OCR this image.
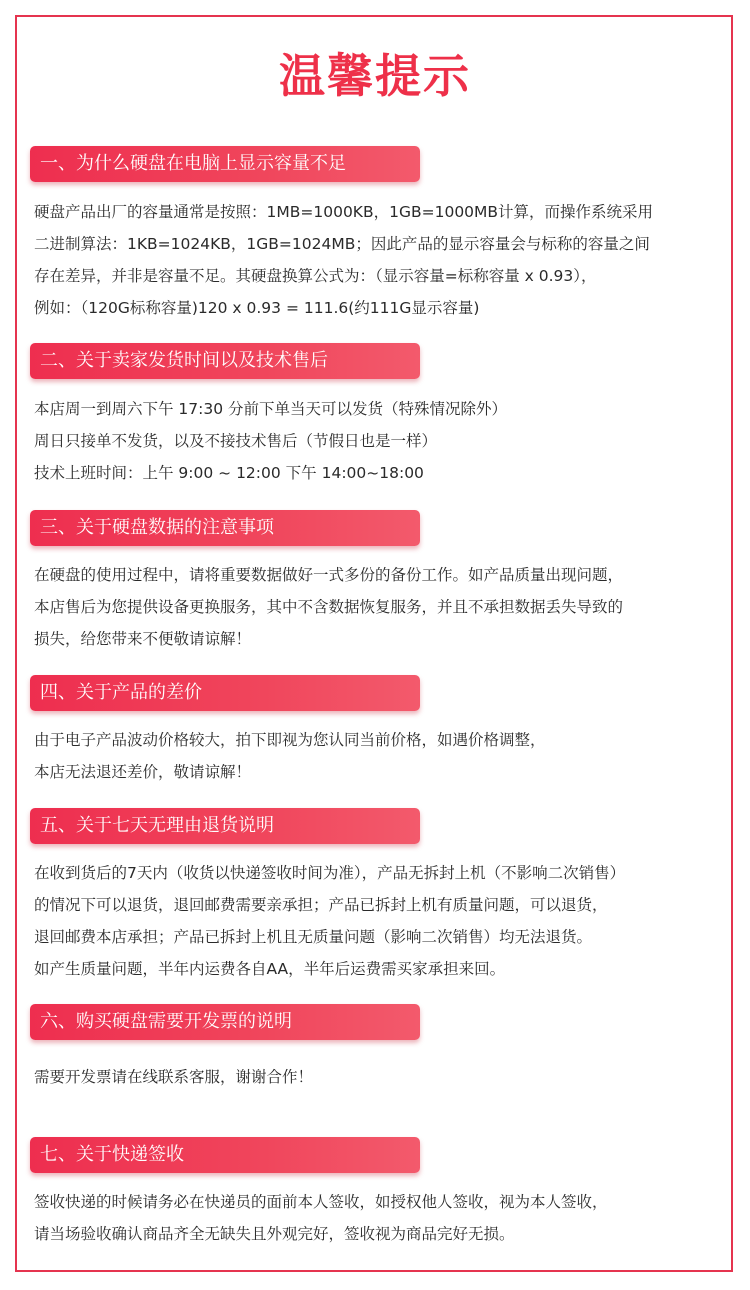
温馨提示
一、为什么硬盘在电脑上显示容量不足
硬盘产品出厂的容量通常是按照：1MB=1000KB，1GB=1000MB计算，而操作系统采用
二进制算法：1KB=1024KB，1GB=1024MB；因此产品的显示容量会与标称的容量之间
存在差异，并非是容量不足。其硬盘换算公式为：（显示容量=标称容量 x 0.93），
例如：（120G标称容量)120 x 0.93 = 111.6(约111G显示容量)
二、关于卖家发货时间以及技术售后
本店周一到周六下午 17:30 分前下单当天可以发货（特殊情况除外）
周日只接单不发货，以及不接技术售后（节假日也是一样）
技术上班时间：上午 9:00 ~ 12:00 下午 14:00~18:00
三、关于硬盘数据的注意事项
在硬盘的使用过程中，请将重要数据做好一式多份的备份工作。如产品质量出现问题，
本店售后为您提供设备更换服务，其中不含数据恢复服务，并且不承担数据丢失导致的
损失，给您带来不便敬请谅解！
四、关于产品的差价
由于电子产品波动价格较大，拍下即视为您认同当前价格，如遇价格调整，
本店无法退还差价，敬请谅解！
五、关于七天无理由退货说明
在收到货后的7天内（收货以快递签收时间为准），产品无拆封上机（不影响二次销售）
的情况下可以退货，退回邮费需要亲承担；产品已拆封上机有质量问题，可以退货，
退回邮费本店承担；产品已拆封上机且无质量问题（影响二次销售）均无法退货。
如产生质量问题，半年内运费各自AA，半年后运费需买家承担来回。
六、购买硬盘需要开发票的说明
需要开发票请在线联系客服，谢谢合作！
七、关于快递签收
签收快递的时候请务必在快递员的面前本人签收，如授权他人签收，视为本人签收，
请当场验收确认商品齐全无缺失且外观完好，签收视为商品完好无损。
